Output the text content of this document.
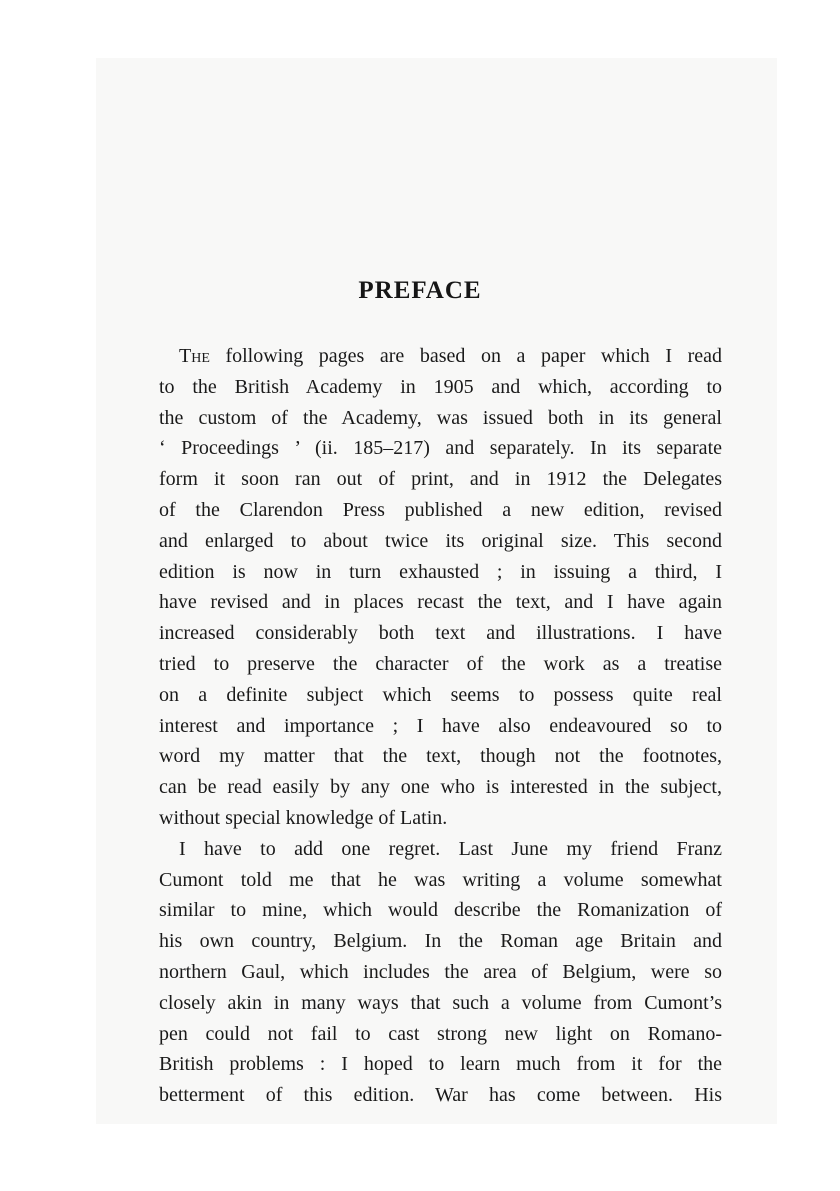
PREFACE
The following pages are based on a paper which I read
to the British Academy in 1905 and which, according to
the custom of the Academy, was issued both in its general
‘ Proceedings ’ (ii. 185–217) and separately. In its separate
form it soon ran out of print, and in 1912 the Delegates
of the Clarendon Press published a new edition, revised
and enlarged to about twice its original size. This second
edition is now in turn exhausted ; in issuing a third, I
have revised and in places recast the text, and I have again
increased considerably both text and illustrations. I have
tried to preserve the character of the work as a treatise
on a definite subject which seems to possess quite real
interest and importance ; I have also endeavoured so to
word my matter that the text, though not the footnotes,
can be read easily by any one who is interested in the subject,
without special knowledge of Latin.
I have to add one regret. Last June my friend Franz
Cumont told me that he was writing a volume somewhat
similar to mine, which would describe the Romanization of
his own country, Belgium. In the Roman age Britain and
northern Gaul, which includes the area of Belgium, were so
closely akin in many ways that such a volume from Cumont’s
pen could not fail to cast strong new light on Romano-
British problems : I hoped to learn much from it for the
betterment of this edition. War has come between. His
